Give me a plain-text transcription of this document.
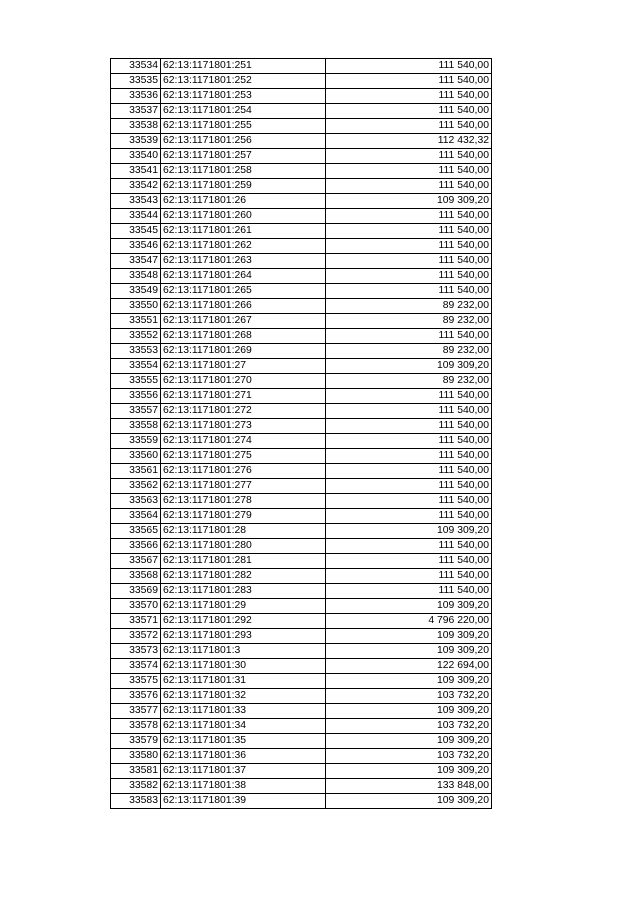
33534	62:13:1171801:251	111 540,00
33535	62:13:1171801:252	111 540,00
33536	62:13:1171801:253	111 540,00
33537	62:13:1171801:254	111 540,00
33538	62:13:1171801:255	111 540,00
33539	62:13:1171801:256	112 432,32
33540	62:13:1171801:257	111 540,00
33541	62:13:1171801:258	111 540,00
33542	62:13:1171801:259	111 540,00
33543	62:13:1171801:26	109 309,20
33544	62:13:1171801:260	111 540,00
33545	62:13:1171801:261	111 540,00
33546	62:13:1171801:262	111 540,00
33547	62:13:1171801:263	111 540,00
33548	62:13:1171801:264	111 540,00
33549	62:13:1171801:265	111 540,00
33550	62:13:1171801:266	89 232,00
33551	62:13:1171801:267	89 232,00
33552	62:13:1171801:268	111 540,00
33553	62:13:1171801:269	89 232,00
33554	62:13:1171801:27	109 309,20
33555	62:13:1171801:270	89 232,00
33556	62:13:1171801:271	111 540,00
33557	62:13:1171801:272	111 540,00
33558	62:13:1171801:273	111 540,00
33559	62:13:1171801:274	111 540,00
33560	62:13:1171801:275	111 540,00
33561	62:13:1171801:276	111 540,00
33562	62:13:1171801:277	111 540,00
33563	62:13:1171801:278	111 540,00
33564	62:13:1171801:279	111 540,00
33565	62:13:1171801:28	109 309,20
33566	62:13:1171801:280	111 540,00
33567	62:13:1171801:281	111 540,00
33568	62:13:1171801:282	111 540,00
33569	62:13:1171801:283	111 540,00
33570	62:13:1171801:29	109 309,20
33571	62:13:1171801:292	4 796 220,00
33572	62:13:1171801:293	109 309,20
33573	62:13:1171801:3	109 309,20
33574	62:13:1171801:30	122 694,00
33575	62:13:1171801:31	109 309,20
33576	62:13:1171801:32	103 732,20
33577	62:13:1171801:33	109 309,20
33578	62:13:1171801:34	103 732,20
33579	62:13:1171801:35	109 309,20
33580	62:13:1171801:36	103 732,20
33581	62:13:1171801:37	109 309,20
33582	62:13:1171801:38	133 848,00
33583	62:13:1171801:39	109 309,20
